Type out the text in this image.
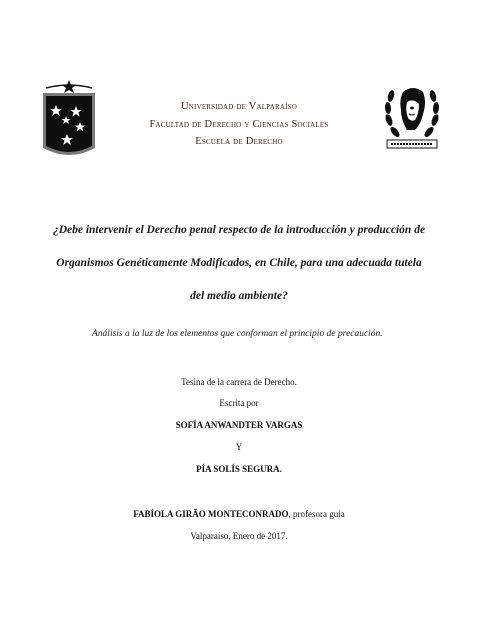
Universidad de Valparaíso
Facultad de Derecho y Ciencias Sociales
Escuela de Derecho
¿Debe intervenir el Derecho penal respecto de la introducción y producción de
Organismos Genéticamente Modificados, en Chile, para una adecuada tutela
del medio ambiente?
Análisis a la luz de los elementos que conforman el principio de precaución.
Tesina de la carrera de Derecho.
Escrita por
SOFÍA ANWANDTER VARGAS
Y
PÍA SOLÍS SEGURA.
FABÍOLA GIRÃO MONTECONRADO, profesora guía
Valparaíso, Enero de 2017.
